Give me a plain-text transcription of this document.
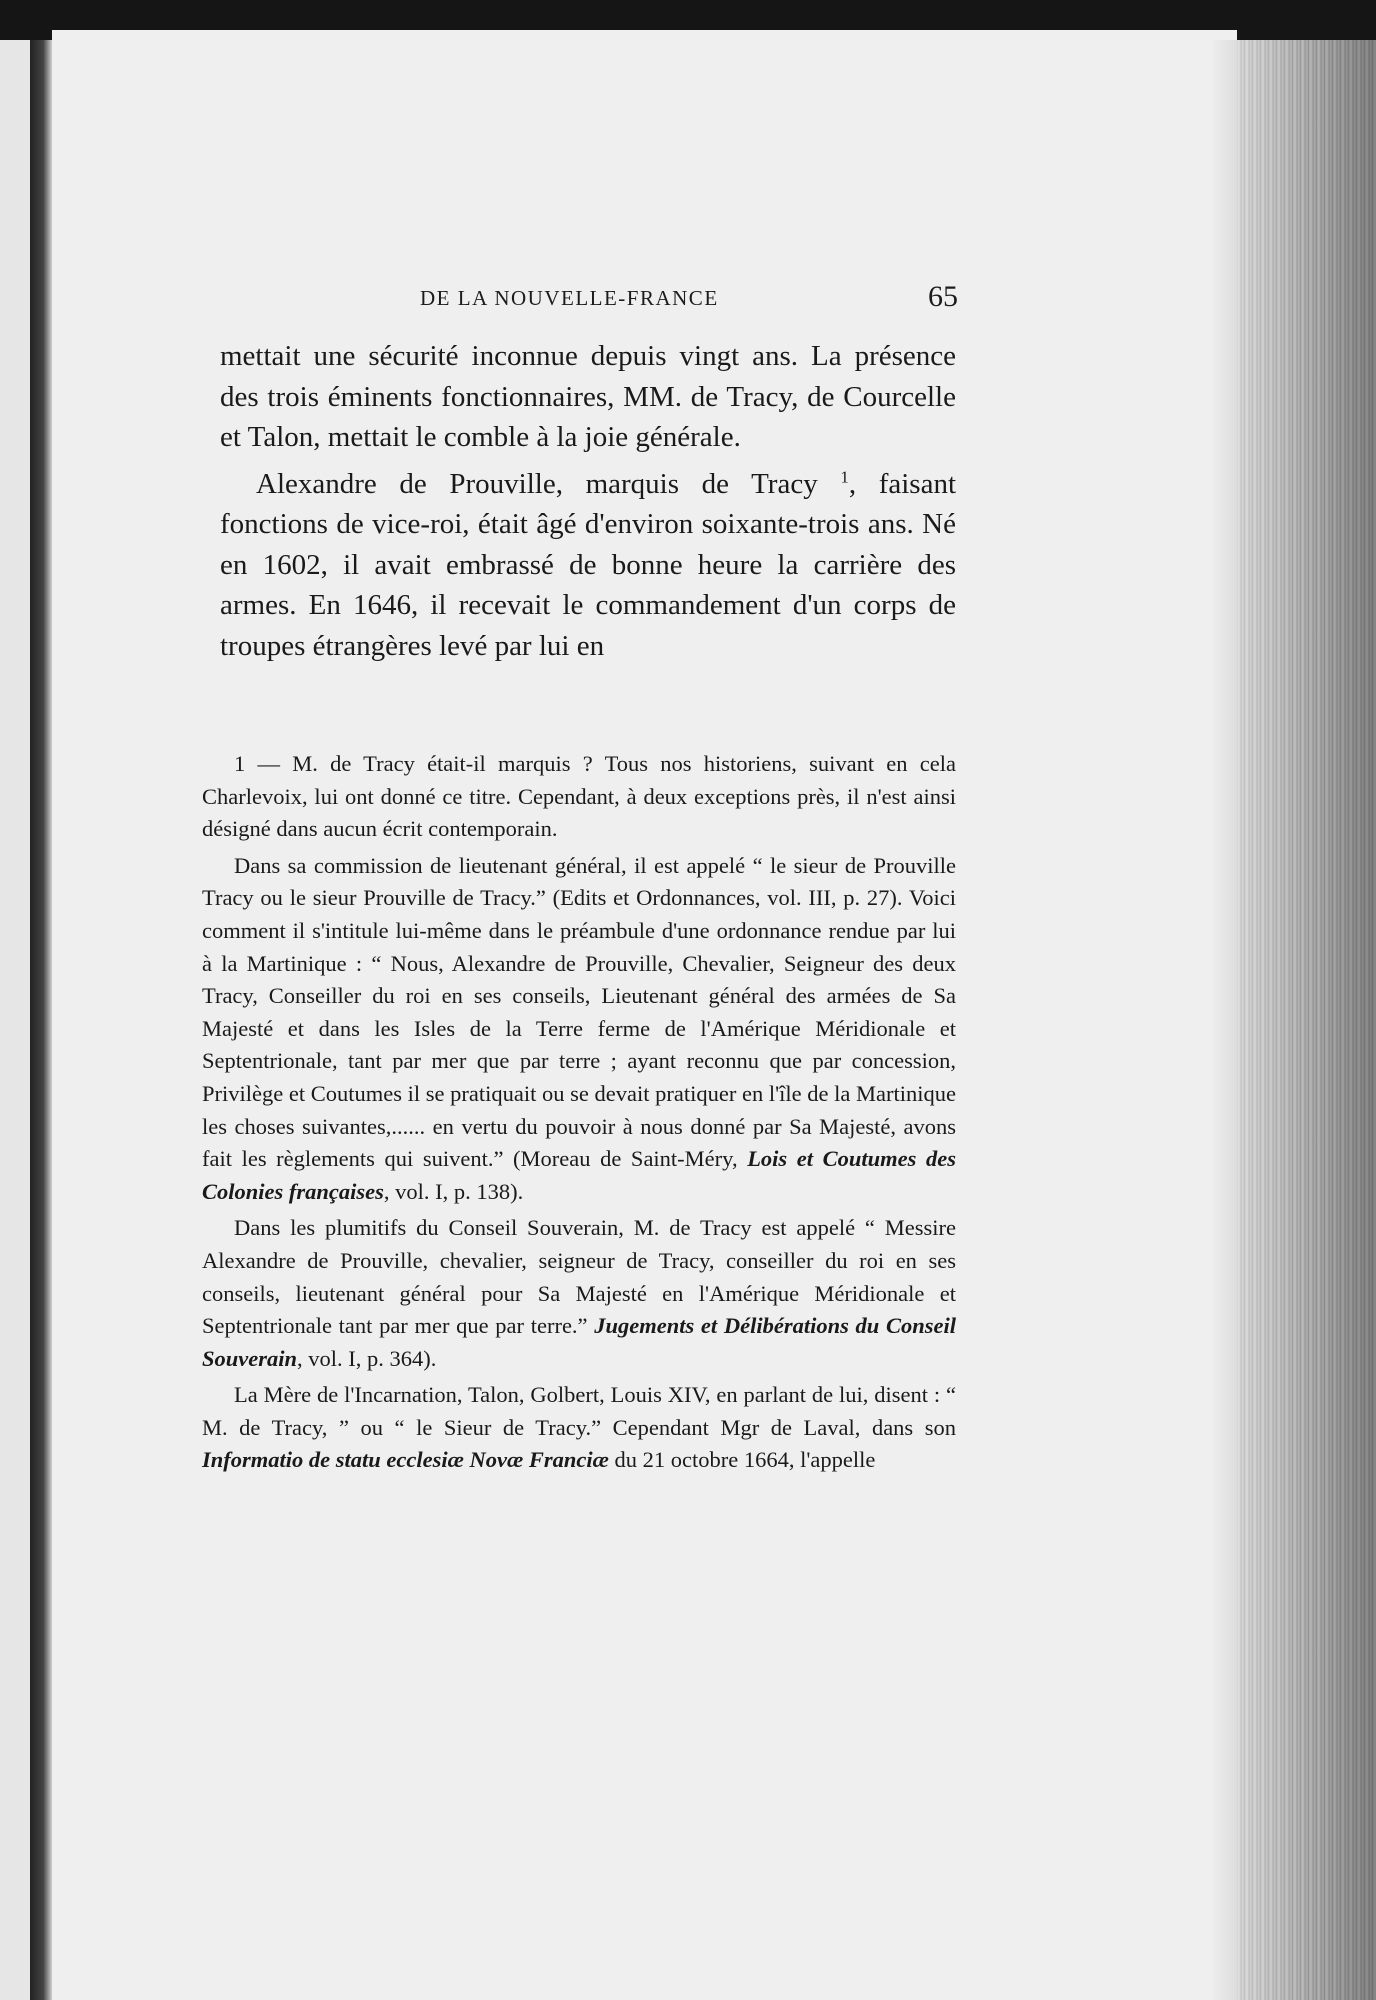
DE LA NOUVELLE-FRANCE	65

mettait une sécurité inconnue depuis vingt ans. La présence des trois éminents fonctionnaires, MM. de Tracy, de Courcelle et Talon, mettait le comble à la joie générale.

Alexandre de Prouville, marquis de Tracy $^1$, faisant fonctions de vice-roi, était âgé d'environ soixante-trois ans. Né en 1602, il avait embrassé de bonne heure la carrière des armes. En 1646, il recevait le commandement d'un corps de troupes étrangères levé par lui en

1 — M. de Tracy était-il marquis ? Tous nos historiens, suivant en cela Charlevoix, lui ont donné ce titre. Cependant, à deux exceptions près, il n'est ainsi désigné dans aucun écrit contemporain.

Dans sa commission de lieutenant général, il est appelé “ le sieur de Prouville Tracy ou le sieur Prouville de Tracy.” (Edits et Ordonnances, vol. III, p. 27). Voici comment il s'intitule lui-même dans le préambule d'une ordonnance rendue par lui à la Martinique : “ Nous, Alexandre de Prouville, Chevalier, Seigneur des deux Tracy, Conseiller du roi en ses conseils, Lieutenant général des armées de Sa Majesté et dans les Isles de la Terre ferme de l'Amérique Méridionale et Septentrionale, tant par mer que par terre ; ayant reconnu que par concession, Privilège et Coutumes il se pratiquait ou se devait pratiquer en l'île de la Martinique les choses suivantes,...... en vertu du pouvoir à nous donné par Sa Majesté, avons fait les règlements qui suivent.” (Moreau de Saint-Méry, Lois et Coutumes des Colonies françaises, vol. I, p. 138).

Dans les plumitifs du Conseil Souverain, M. de Tracy est appelé “ Messire Alexandre de Prouville, chevalier, seigneur de Tracy, conseiller du roi en ses conseils, lieutenant général pour Sa Majesté en l'Amérique Méridionale et Septentrionale tant par mer que par terre.” Jugements et Délibérations du Conseil Souverain, vol. I, p. 364).

La Mère de l'Incarnation, Talon, Golbert, Louis XIV, en parlant de lui, disent : “ M. de Tracy, ” ou “ le Sieur de Tracy.” Cependant Mgr de Laval, dans son Informatio de statu ecclesiæ Novæ Franciæ du 21 octobre 1664, l'appelle
